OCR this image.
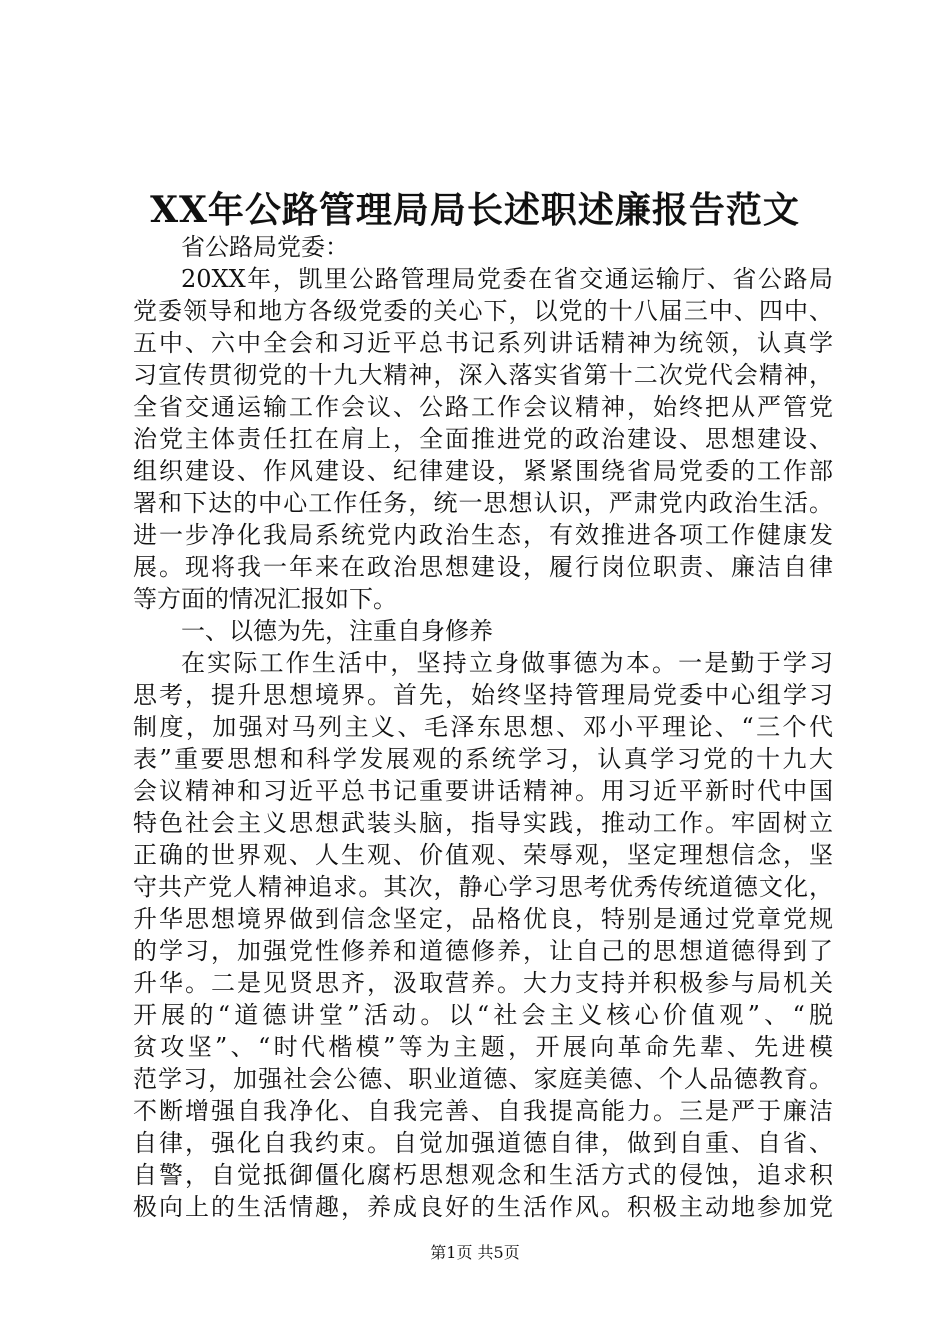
XX年公路管理局局长述职述廉报告范文
省公路局党委：
20XX年，凯里公路管理局党委在省交通运输厅、省公路局
党委领导和地方各级党委的关心下，以党的十八届三中、四中、
五中、六中全会和习近平总书记系列讲话精神为统领，认真学
习宣传贯彻党的十九大精神，深入落实省第十二次党代会精神，
全省交通运输工作会议、公路工作会议精神，始终把从严管党
治党主体责任扛在肩上，全面推进党的政治建设、思想建设、
组织建设、作风建设、纪律建设，紧紧围绕省局党委的工作部
署和下达的中心工作任务，统一思想认识，严肃党内政治生活。
进一步净化我局系统党内政治生态，有效推进各项工作健康发
展。现将我一年来在政治思想建设，履行岗位职责、廉洁自律
等方面的情况汇报如下。
一、以德为先，注重自身修养
在实际工作生活中，坚持立身做事德为本。一是勤于学习
思考，提升思想境界。首先，始终坚持管理局党委中心组学习
制度，加强对马列主义、毛泽东思想、邓小平理论、“三个代
表”重要思想和科学发展观的系统学习，认真学习党的十九大
会议精神和习近平总书记重要讲话精神。用习近平新时代中国
特色社会主义思想武装头脑，指导实践，推动工作。牢固树立
正确的世界观、人生观、价值观、荣辱观，坚定理想信念，坚
守共产党人精神追求。其次，静心学习思考优秀传统道德文化，
升华思想境界做到信念坚定，品格优良，特别是通过党章党规
的学习，加强党性修养和道德修养，让自己的思想道德得到了
升华。二是见贤思齐，汲取营养。大力支持并积极参与局机关
开展的“道德讲堂”活动。以“社会主义核心价值观”、“脱
贫攻坚”、“时代楷模”等为主题，开展向革命先辈、先进模
范学习，加强社会公德、职业道德、家庭美德、个人品德教育。
不断增强自我净化、自我完善、自我提高能力。三是严于廉洁
自律，强化自我约束。自觉加强道德自律，做到自重、自省、
自警，自觉抵御僵化腐朽思想观念和生活方式的侵蚀，追求积
极向上的生活情趣，养成良好的生活作风。积极主动地参加党
第1页 共5页
